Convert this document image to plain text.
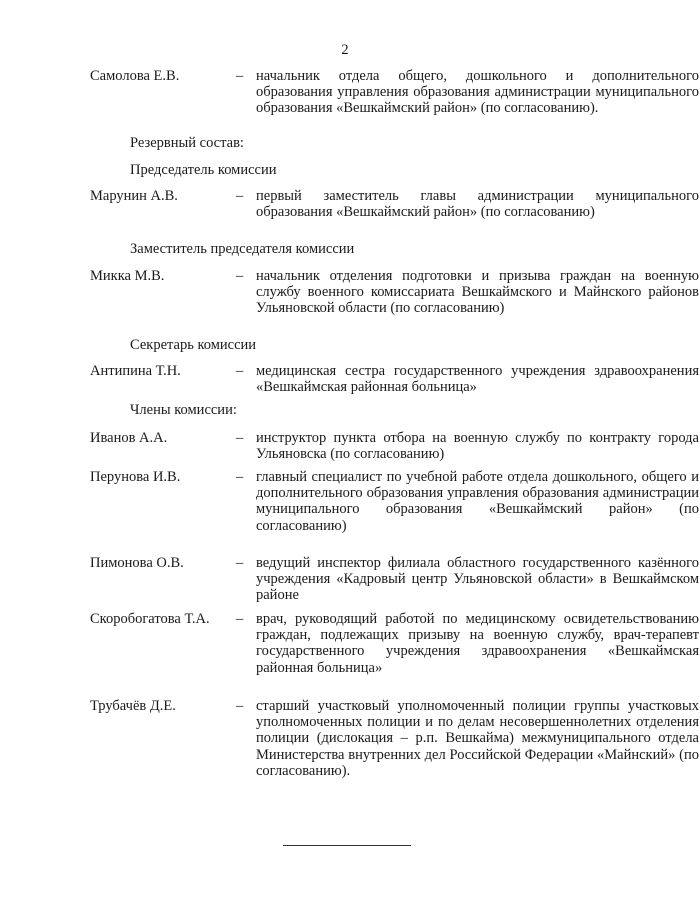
2
Самолова Е.В.	– начальник отдела общего, дошкольного и дополнительного образования управления образования администрации муниципального образования «Вешкаймский район» (по согласованию).
Резервный состав:
Председатель комиссии
Марунин А.В.	– первый заместитель главы администрации муниципального образования «Вешкаймский район» (по согласованию)
Заместитель председателя комиссии
Микка М.В.	– начальник отделения подготовки и призыва граждан на военную службу военного комиссариата Вешкаймского и Майнского районов Ульяновской области (по согласованию)
Секретарь комиссии
Антипина Т.Н.	– медицинская сестра государственного учреждения здравоохранения «Вешкаймская районная больница»
Члены комиссии:
Иванов А.А.	– инструктор пункта отбора на военную службу по контракту города Ульяновска (по согласованию)
Перунова И.В.	– главный специалист по учебной работе отдела дошкольного, общего и дополнительного образования управления образования администрации муниципального образования «Вешкаймский район» (по согласованию)
Пимонова О.В.	– ведущий инспектор филиала областного государственного казённого учреждения «Кадровый центр Ульяновской области» в Вешкаймском районе
Скоробогатова Т.А. – врач, руководящий работой по медицинскому освидетельствованию граждан, подлежащих призыву на военную службу, врач-терапевт государственного учреждения здравоохранения «Вешкаймская районная больница»
Трубачёв Д.Е.	– старший участковый уполномоченный полиции группы участковых уполномоченных полиции и по делам несовершеннолетних отделения полиции (дислокация – р.п. Вешкайма) межмуниципального отдела Министерства внутренних дел Российской Федерации «Майнский» (по согласованию).
